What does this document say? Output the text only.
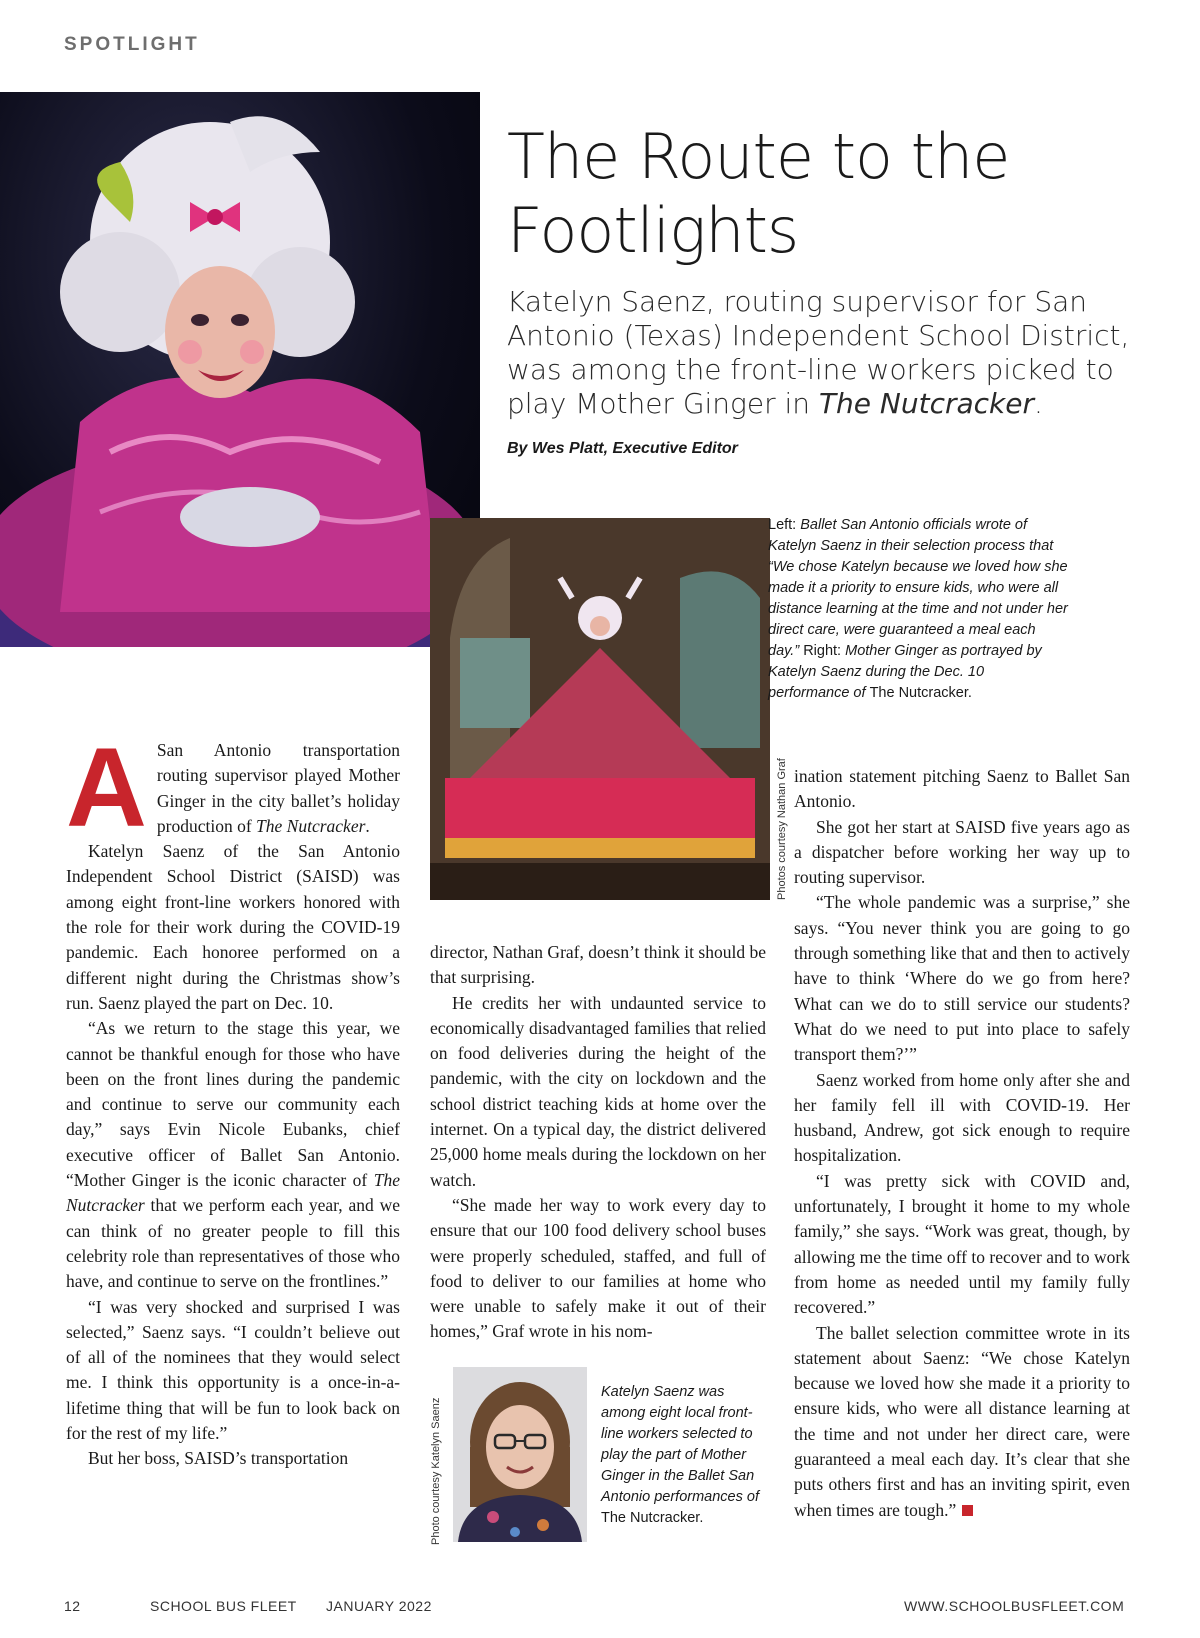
SPOTLIGHT
The Route to the Footlights

Katelyn Saenz, routing supervisor for San Antonio (Texas) Independent School District, was among the front-line workers picked to play Mother Ginger in The Nutcracker.

By Wes Platt, Executive Editor
Photos courtesy Nathan Graf
Left: Ballet San Antonio officials wrote of Katelyn Saenz in their selection process that “We chose Katelyn because we loved how she made it a priority to ensure kids, who were all distance learning at the time and not under her direct care, were guaranteed a meal each day.” Right: Mother Ginger as portrayed by Katelyn Saenz during the Dec. 10 performance of The Nutcracker.
A San Antonio transportation routing supervisor played Mother Ginger in the city ballet’s holiday production of The Nutcracker.

Katelyn Saenz of the San Antonio Independent School District (SAISD) was among eight front-line workers honored with the role for their work during the COVID-19 pandemic. Each honoree performed on a different night during the Christmas show’s run. Saenz played the part on Dec. 10.

“As we return to the stage this year, we cannot be thankful enough for those who have been on the front lines during the pandemic and continue to serve our community each day,” says Evin Nicole Eubanks, chief executive officer of Ballet San Antonio. “Mother Ginger is the iconic character of The Nutcracker that we perform each year, and we can think of no greater people to fill this celebrity role than representatives of those who have, and continue to serve on the frontlines.”

“I was very shocked and surprised I was selected,” Saenz says. “I couldn’t believe out of all of the nominees that they would select me. I think this opportunity is a once-in-a-lifetime thing that will be fun to look back on for the rest of my life.”

But her boss, SAISD’s transportation

director, Nathan Graf, doesn’t think it should be that surprising.

He credits her with undaunted service to economically disadvantaged families that relied on food deliveries during the height of the pandemic, with the city on lockdown and the school district teaching kids at home over the internet. On a typical day, the district delivered 25,000 home meals during the lockdown on her watch.

“She made her way to work every day to ensure that our 100 food delivery school buses were properly scheduled, staffed, and full of food to deliver to our families at home who were unable to safely make it out of their homes,” Graf wrote in his nom-

Photo courtesy Katelyn Saenz
Katelyn Saenz was among eight local front-line workers selected to play the part of Mother Ginger in the Ballet San Antonio performances of The Nutcracker.

ination statement pitching Saenz to Ballet San Antonio.

She got her start at SAISD five years ago as a dispatcher before working her way up to routing supervisor.

“The whole pandemic was a surprise,” she says. “You never think you are going to go through something like that and then to actively have to think ‘Where do we go from here? What can we do to still service our students? What do we need to put into place to safely transport them?’”

Saenz worked from home only after she and her family fell ill with COVID-19. Her husband, Andrew, got sick enough to require hospitalization.

“I was pretty sick with COVID and, unfortunately, I brought it home to my whole family,” she says. “Work was great, though, by allowing me the time off to recover and to work from home as needed until my family fully recovered.”

The ballet selection committee wrote in its statement about Saenz: “We chose Katelyn because we loved how she made it a priority to ensure kids, who were all distance learning at the time and not under her direct care, were guaranteed a meal each day. It’s clear that she puts others first and has an inviting spirit, even when times are tough.”

12	SCHOOL BUS FLEET JANUARY 2022	WWW.SCHOOLBUSFLEET.COM
